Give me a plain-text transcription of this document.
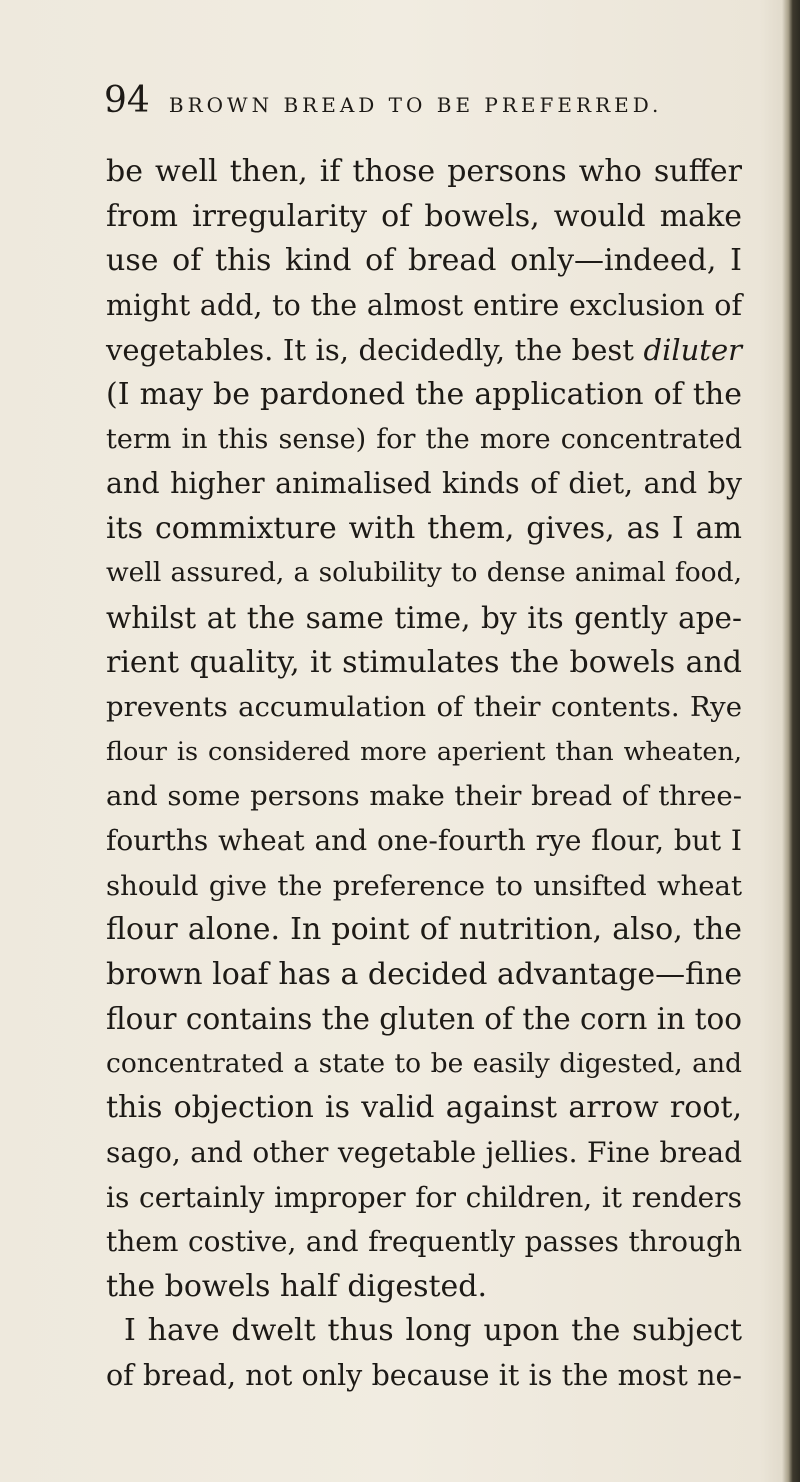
94 BROWN BREAD TO BE PREFERRED.
be well then, if those persons who suffer
from irregularity of bowels, would make
use of this kind of bread only—indeed, I
might add, to the almost entire exclusion of
vegetables. It is, decidedly, the best diluter
(I may be pardoned the application of the
term in this sense) for the more concentrated
and higher animalised kinds of diet, and by
its commixture with them, gives, as I am
well assured, a solubility to dense animal food,
whilst at the same time, by its gently ape-
rient quality, it stimulates the bowels and
prevents accumulation of their contents. Rye
flour is considered more aperient than wheaten,
and some persons make their bread of three-
fourths wheat and one-fourth rye flour, but I
should give the preference to unsifted wheat
flour alone. In point of nutrition, also, the
brown loaf has a decided advantage—fine
flour contains the gluten of the corn in too
concentrated a state to be easily digested, and
this objection is valid against arrow root,
sago, and other vegetable jellies. Fine bread
is certainly improper for children, it renders
them costive, and frequently passes through
the bowels half digested.
I have dwelt thus long upon the subject
of bread, not only because it is the most ne-
